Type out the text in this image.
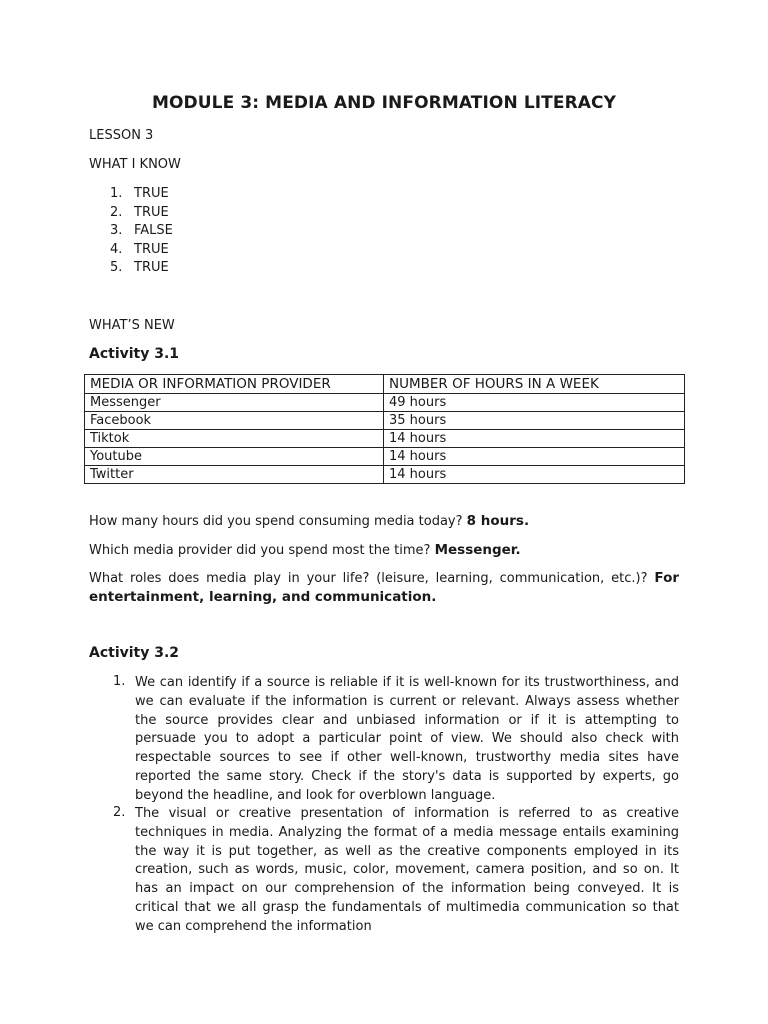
MODULE 3: MEDIA AND INFORMATION LITERACY
LESSON 3
WHAT I KNOW
1. TRUE
2. TRUE
3. FALSE
4. TRUE
5. TRUE
WHAT’S NEW
Activity 3.1
MEDIA OR INFORMATION PROVIDER	NUMBER OF HOURS IN A WEEK
Messenger	49 hours
Facebook	35 hours
Tiktok	14 hours
Youtube	14 hours
Twitter	14 hours
How many hours did you spend consuming media today? 8 hours.
Which media provider did you spend most the time? Messenger.
What roles does media play in your life? (leisure, learning, communication, etc.)? For entertainment, learning, and communication.
Activity 3.2
1. We can identify if a source is reliable if it is well-known for its trustworthiness, and we can evaluate if the information is current or relevant. Always assess whether the source provides clear and unbiased information or if it is attempting to persuade you to adopt a particular point of view. We should also check with respectable sources to see if other well-known, trustworthy media sites have reported the same story. Check if the story's data is supported by experts, go beyond the headline, and look for overblown language.
2. The visual or creative presentation of information is referred to as creative techniques in media. Analyzing the format of a media message entails examining the way it is put together, as well as the creative components employed in its creation, such as words, music, color, movement, camera position, and so on. It has an impact on our comprehension of the information being conveyed. It is critical that we all grasp the fundamentals of multimedia communication so that we can comprehend the information
